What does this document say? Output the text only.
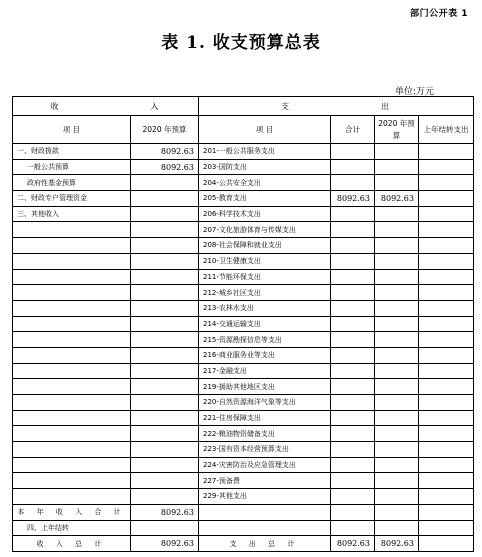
部门公开表 1
表 1. 收支预算总表
单位:万元
收 入		支 出			
项 目	2020 年预算	项 目	合计	2020 年预算	上年结转支出
一、财政拨款	8092.63	201-一般公共服务支出			
一般公共预算	8092.63	203-国防支出			
政府性基金预算		204-公共安全支出			
二、财政专户管理资金		205-教育支出	8092.63	8092.63	
三、其他收入		206-科学技术支出			
		207-文化旅游体育与传媒支出			
		208-社会保障和就业支出			
		210-卫生健康支出			
		211-节能环保支出			
		212-城乡社区支出			
		213-农林水支出			
		214-交通运输支出			
		215-资源勘探信息等支出			
		216-商业服务业等支出			
		217-金融支出			
		219-援助其他地区支出			
		220-自然资源海洋气象等支出			
		221-住房保障支出			
		222-粮油物资储备支出			
		223-国有资本经营预算支出			
		224-灾害防治及应急管理支出			
		227-预备费			
		229-其他支出			
本 年 收 入 合 计	8092.63				
四、上年结转					
收 入 总 计	8092.63	支 出 总 计	8092.63	8092.63	
